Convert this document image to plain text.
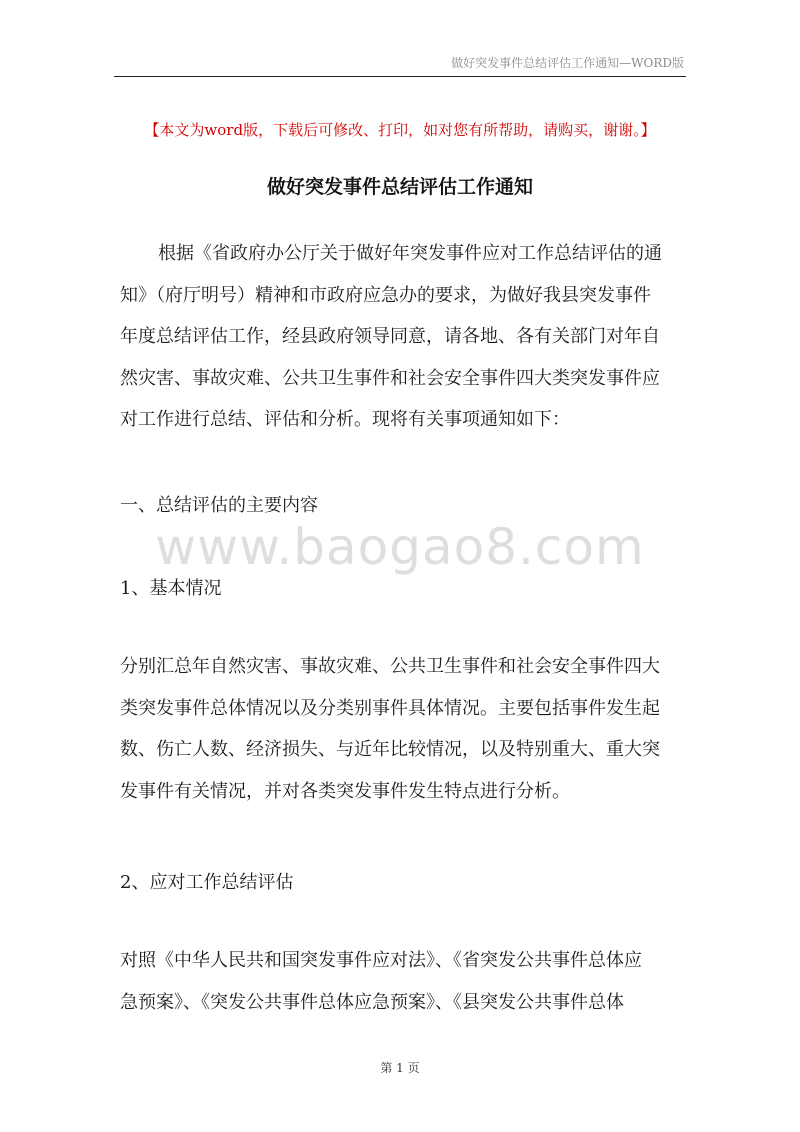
做好突发事件总结评估工作通知—WORD版
【本文为word版，下载后可修改、打印，如对您有所帮助，请购买，谢谢。】
做好突发事件总结评估工作通知
根据《省政府办公厅关于做好年突发事件应对工作总结评估的通
知》（府厅明号）精神和市政府应急办的要求，为做好我县突发事件
年度总结评估工作，经县政府领导同意，请各地、各有关部门对年自
然灾害、事故灾难、公共卫生事件和社会安全事件四大类突发事件应
对工作进行总结、评估和分析。现将有关事项通知如下：
一、总结评估的主要内容
www.baogao8.com
1、基本情况
分别汇总年自然灾害、事故灾难、公共卫生事件和社会安全事件四大
类突发事件总体情况以及分类别事件具体情况。主要包括事件发生起
数、伤亡人数、经济损失、与近年比较情况，以及特别重大、重大突
发事件有关情况，并对各类突发事件发生特点进行分析。
2、应对工作总结评估
对照《中华人民共和国突发事件应对法》、《省突发公共事件总体应
急预案》、《突发公共事件总体应急预案》、《县突发公共事件总体
第 1 页
